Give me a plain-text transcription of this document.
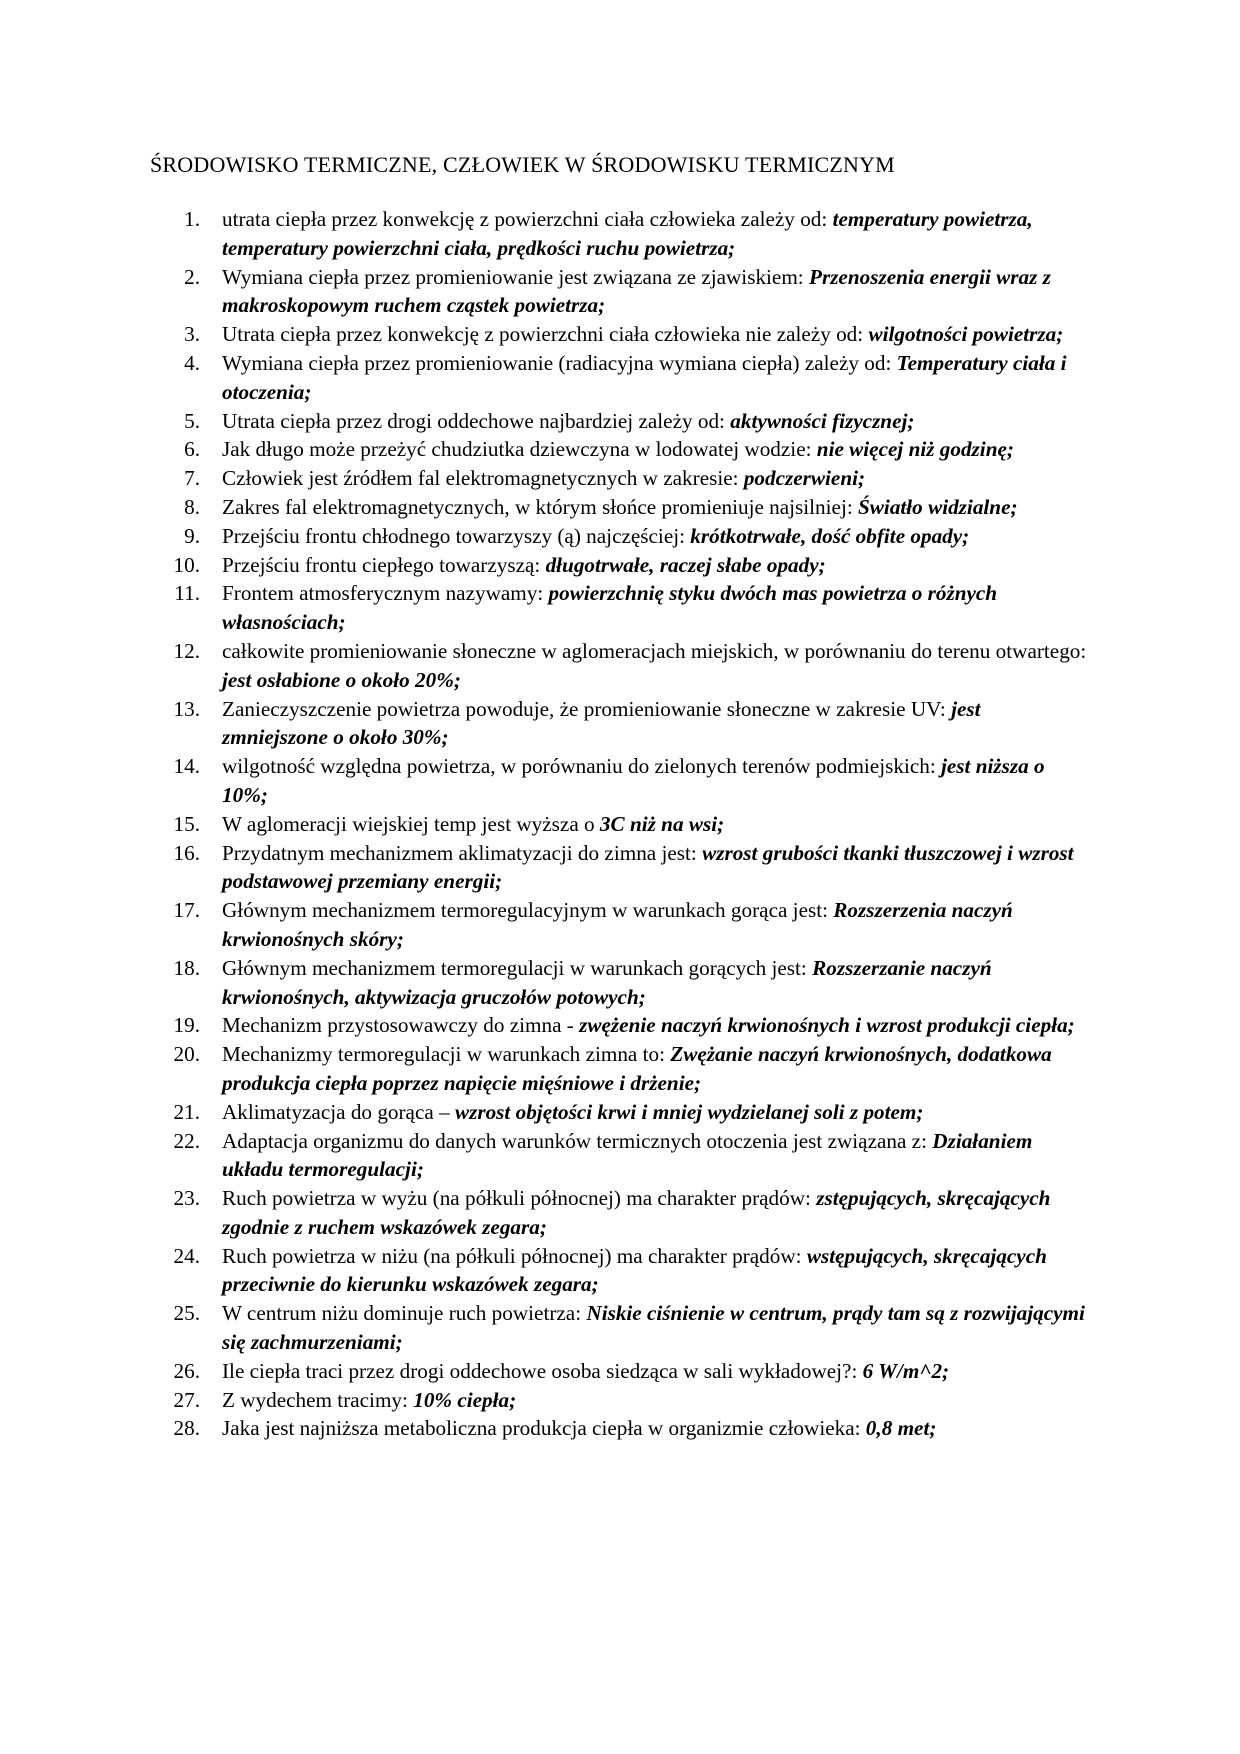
ŚRODOWISKO TERMICZNE, CZŁOWIEK W ŚRODOWISKU TERMICZNYM
1. utrata ciepła przez konwekcję z powierzchni ciała człowieka zależy od: temperatury powietrza, temperatury powierzchni ciała, prędkości ruchu powietrza;
2. Wymiana ciepła przez promieniowanie jest związana ze zjawiskiem: Przenoszenia energii wraz z makroskopowym ruchem cząstek powietrza;
3. Utrata ciepła przez konwekcję z powierzchni ciała człowieka nie zależy od: wilgotności powietrza;
4. Wymiana ciepła przez promieniowanie (radiacyjna wymiana ciepła) zależy od: Temperatury ciała i otoczenia;
5. Utrata ciepła przez drogi oddechowe najbardziej zależy od: aktywności fizycznej;
6. Jak długo może przeżyć chudziutka dziewczyna w lodowatej wodzie: nie więcej niż godzinę;
7. Człowiek jest źródłem fal elektromagnetycznych w zakresie: podczerwieni;
8. Zakres fal elektromagnetycznych, w którym słońce promieniuje najsilniej: Światło widzialne;
9. Przejściu frontu chłodnego towarzyszy (ą) najczęściej: krótkotrwałe, dość obfite opady;
10. Przejściu frontu ciepłego towarzyszą: długotrwałe, raczej słabe opady;
11. Frontem atmosferycznym nazywamy: powierzchnię styku dwóch mas powietrza o różnych własnościach;
12. całkowite promieniowanie słoneczne w aglomeracjach miejskich, w porównaniu do terenu otwartego: jest osłabione o około 20%;
13. Zanieczyszczenie powietrza powoduje, że promieniowanie słoneczne w zakresie UV: jest zmniejszone o około 30%;
14. wilgotność względna powietrza, w porównaniu do zielonych terenów podmiejskich: jest niższa o 10%;
15. W aglomeracji wiejskiej temp jest wyższa o 3C niż na wsi;
16. Przydatnym mechanizmem aklimatyzacji do zimna jest: wzrost grubości tkanki tłuszczowej i wzrost podstawowej przemiany energii;
17. Głównym mechanizmem termoregulacyjnym w warunkach gorąca jest: Rozszerzenia naczyń krwionośnych skóry;
18. Głównym mechanizmem termoregulacji w warunkach gorących jest: Rozszerzanie naczyń krwionośnych, aktywizacja gruczołów potowych;
19. Mechanizm przystosowawczy do zimna - zwężenie naczyń krwionośnych i wzrost produkcji ciepła;
20. Mechanizmy termoregulacji w warunkach zimna to: Zwężanie naczyń krwionośnych, dodatkowa produkcja ciepła poprzez napięcie mięśniowe i drżenie;
21. Aklimatyzacja do gorąca – wzrost objętości krwi i mniej wydzielanej soli z potem;
22. Adaptacja organizmu do danych warunków termicznych otoczenia jest związana z: Działaniem układu termoregulacji;
23. Ruch powietrza w wyżu (na półkuli północnej) ma charakter prądów: zstępujących, skręcających zgodnie z ruchem wskazówek zegara;
24. Ruch powietrza w niżu (na półkuli północnej) ma charakter prądów: wstępujących, skręcających przeciwnie do kierunku wskazówek zegara;
25. W centrum niżu dominuje ruch powietrza: Niskie ciśnienie w centrum, prądy tam są z rozwijającymi się zachmurzeniami;
26. Ile ciepła traci przez drogi oddechowe osoba siedząca w sali wykładowej?: 6 W/m^2;
27. Z wydechem tracimy: 10% ciepła;
28. Jaka jest najniższa metaboliczna produkcja ciepła w organizmie człowieka: 0,8 met;
